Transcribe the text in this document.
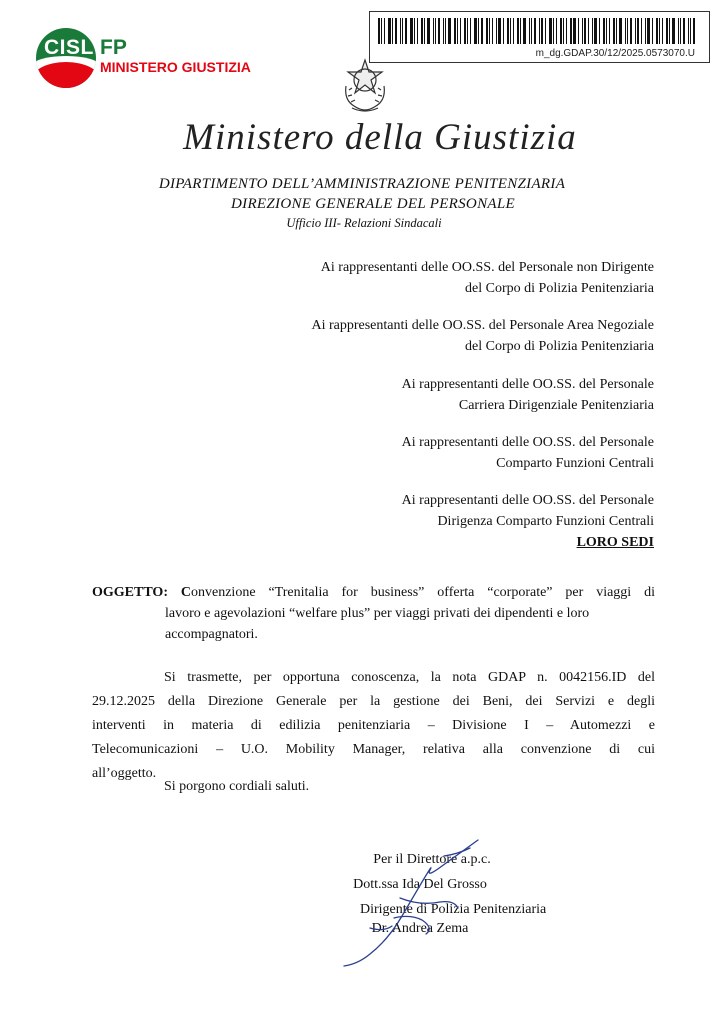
CISL FP
MINISTERO GIUSTIZIA
m_dg.GDAP.30/12/2025.0573070.U
Ministero della Giustizia
DIPARTIMENTO DELL’AMMINISTRAZIONE PENITENZIARIA
DIREZIONE GENERALE DEL PERSONALE
Ufficio III- Relazioni Sindacali
Ai rappresentanti delle OO.SS. del Personale non Dirigente
del Corpo di Polizia Penitenziaria
Ai rappresentanti delle OO.SS. del Personale Area Negoziale
del Corpo di Polizia Penitenziaria
Ai rappresentanti delle OO.SS. del Personale
Carriera Dirigenziale Penitenziaria
Ai rappresentanti delle OO.SS. del Personale
Comparto Funzioni Centrali
Ai rappresentanti delle OO.SS. del Personale
Dirigenza Comparto Funzioni Centrali
LORO SEDI
OGGETTO: Convenzione “Trenitalia for business” offerta “corporate” per viaggi di
lavoro e agevolazioni “welfare plus” per viaggi privati dei dipendenti e loro
accompagnatori.
Si trasmette, per opportuna conoscenza, la nota GDAP n. 0042156.ID del
29.12.2025 della Direzione Generale per la gestione dei Beni, dei Servizi e degli
interventi in materia di edilizia penitenziaria – Divisione I – Automezzi e
Telecomunicazioni – U.O. Mobility Manager, relativa alla convenzione di cui
all’oggetto.
Si porgono cordiali saluti.
Per il Direttore a.p.c.
Dott.ssa Ida Del Grosso
Dirigente di Polizia Penitenziaria
Dr. Andrea Zema
